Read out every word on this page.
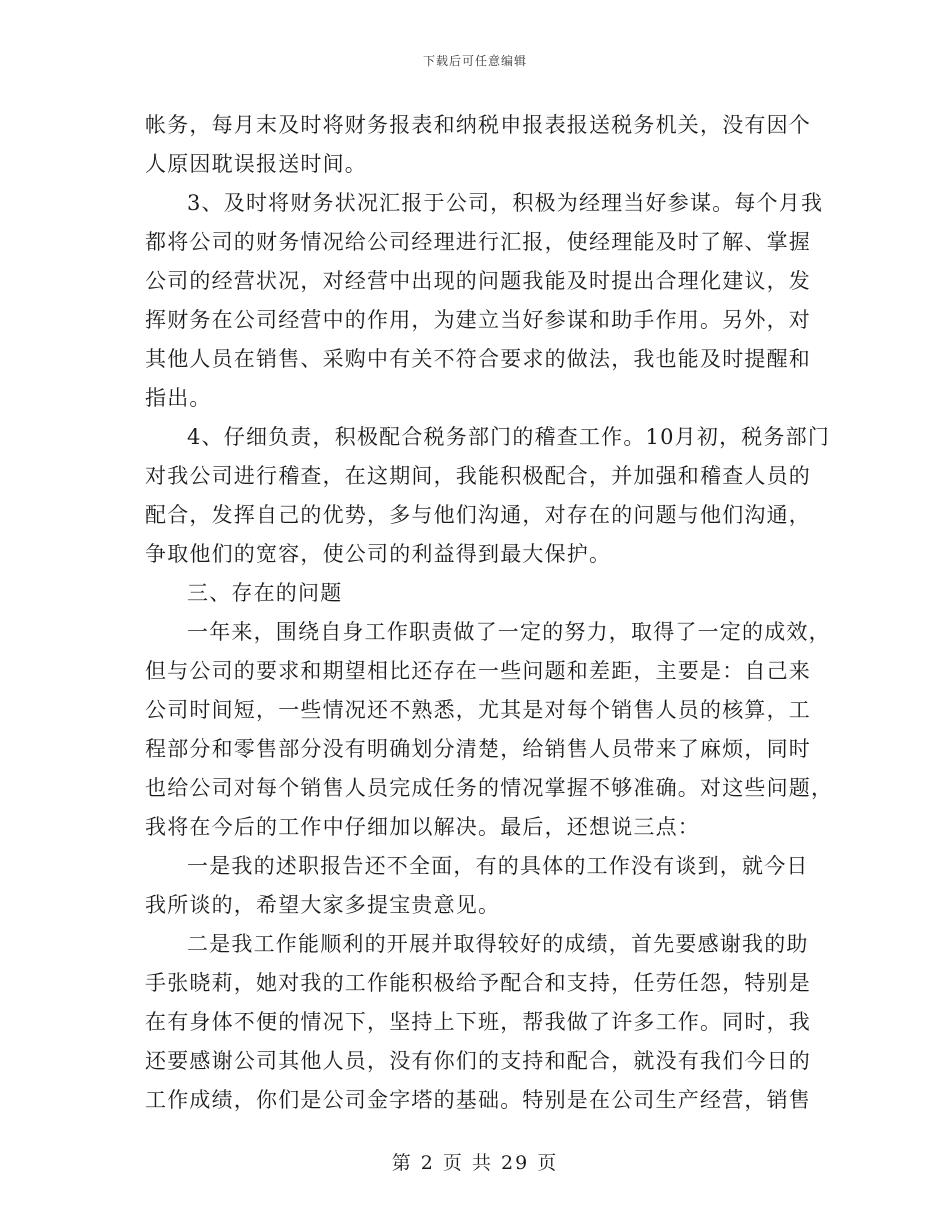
下载后可任意编辑
帐务，每月末及时将财务报表和纳税申报表报送税务机关，没有因个
人原因耽误报送时间。
3、及时将财务状况汇报于公司，积极为经理当好参谋。每个月我
都将公司的财务情况给公司经理进行汇报，使经理能及时了解、掌握
公司的经营状况，对经营中出现的问题我能及时提出合理化建议，发
挥财务在公司经营中的作用，为建立当好参谋和助手作用。另外，对
其他人员在销售、采购中有关不符合要求的做法，我也能及时提醒和
指出。
4、仔细负责，积极配合税务部门的稽查工作。10月初，税务部门
对我公司进行稽查，在这期间，我能积极配合，并加强和稽查人员的
配合，发挥自己的优势，多与他们沟通，对存在的问题与他们沟通，
争取他们的宽容，使公司的利益得到最大保护。
三、存在的问题
一年来，围绕自身工作职责做了一定的努力，取得了一定的成效，
但与公司的要求和期望相比还存在一些问题和差距，主要是：自己来
公司时间短，一些情况还不熟悉，尤其是对每个销售人员的核算，工
程部分和零售部分没有明确划分清楚，给销售人员带来了麻烦，同时
也给公司对每个销售人员完成任务的情况掌握不够准确。对这些问题，
我将在今后的工作中仔细加以解决。最后，还想说三点：
一是我的述职报告还不全面，有的具体的工作没有谈到，就今日
我所谈的，希望大家多提宝贵意见。
二是我工作能顺利的开展并取得较好的成绩，首先要感谢我的助
手张晓莉，她对我的工作能积极给予配合和支持，任劳任怨，特别是
在有身体不便的情况下，坚持上下班，帮我做了许多工作。同时，我
还要感谢公司其他人员，没有你们的支持和配合，就没有我们今日的
工作成绩，你们是公司金字塔的基础。特别是在公司生产经营，销售
第 2 页 共 29 页
